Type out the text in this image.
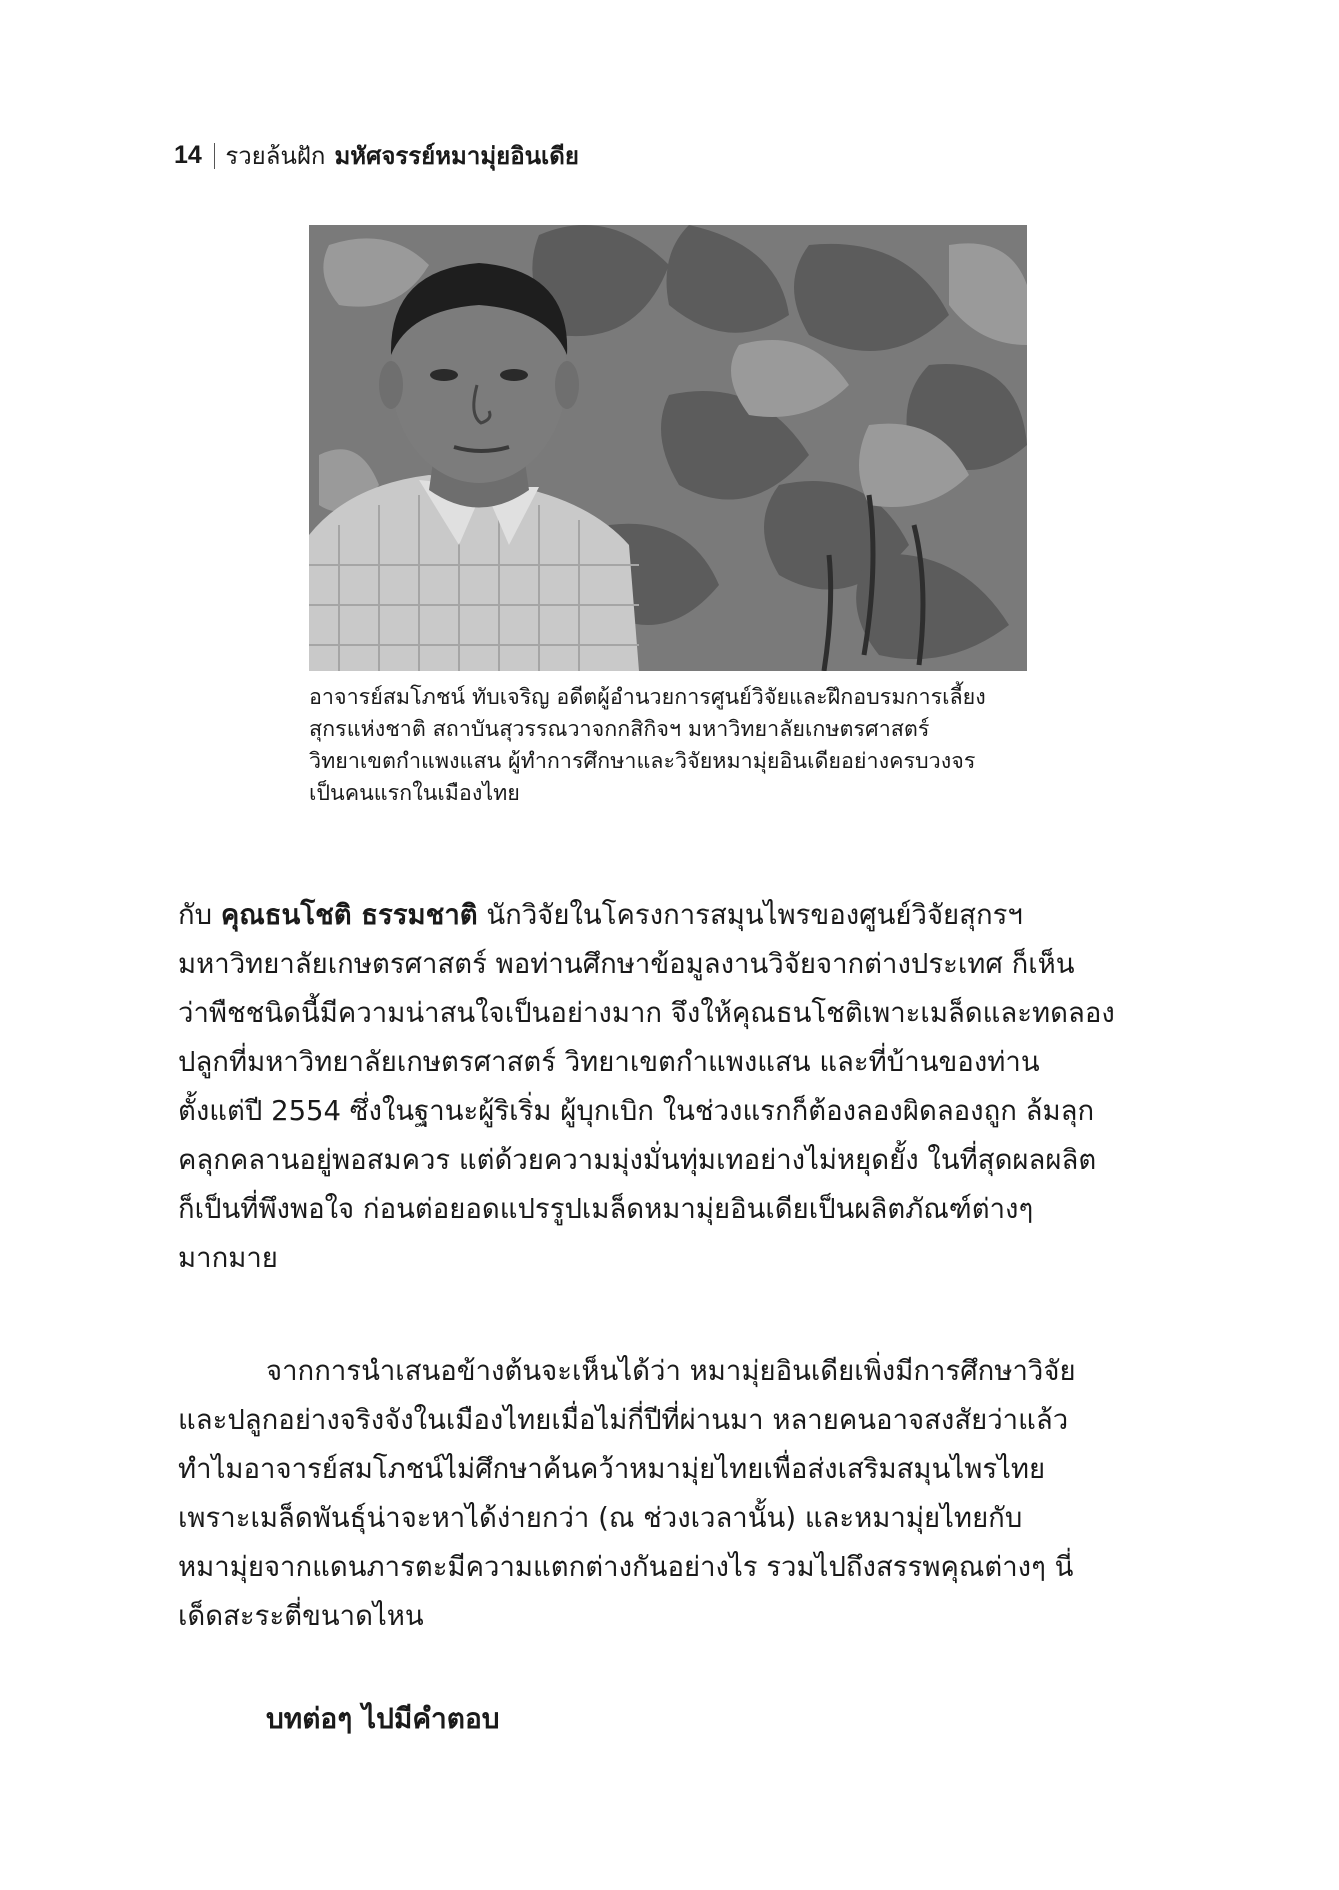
14 รวยล้นฝัก มหัศจรรย์หมามุ่ยอินเดีย
อาจารย์สมโภชน์ ทับเจริญ อดีตผู้อำนวยการศูนย์วิจัยและฝึกอบรมการเลี้ยง
สุกรแห่งชาติ สถาบันสุวรรณวาจกกสิกิจฯ มหาวิทยาลัยเกษตรศาสตร์
วิทยาเขตกำแพงแสน ผู้ทำการศึกษาและวิจัยหมามุ่ยอินเดียอย่างครบวงจร
เป็นคนแรกในเมืองไทย
กับ คุณธนโชติ ธรรมชาติ นักวิจัยในโครงการสมุนไพรของศูนย์วิจัยสุกรฯ
มหาวิทยาลัยเกษตรศาสตร์ พอท่านศึกษาข้อมูลงานวิจัยจากต่างประเทศ ก็เห็น
ว่าพืชชนิดนี้มีความน่าสนใจเป็นอย่างมาก จึงให้คุณธนโชติเพาะเมล็ดและทดลอง
ปลูกที่มหาวิทยาลัยเกษตรศาสตร์ วิทยาเขตกำแพงแสน และที่บ้านของท่าน
ตั้งแต่ปี 2554 ซึ่งในฐานะผู้ริเริ่ม ผู้บุกเบิก ในช่วงแรกก็ต้องลองผิดลองถูก ล้มลุก
คลุกคลานอยู่พอสมควร แต่ด้วยความมุ่งมั่นทุ่มเทอย่างไม่หยุดยั้ง ในที่สุดผลผลิต
ก็เป็นที่พึงพอใจ ก่อนต่อยอดแปรรูปเมล็ดหมามุ่ยอินเดียเป็นผลิตภัณฑ์ต่างๆ
มากมาย
จากการนำเสนอข้างต้นจะเห็นได้ว่า หมามุ่ยอินเดียเพิ่งมีการศึกษาวิจัย
และปลูกอย่างจริงจังในเมืองไทยเมื่อไม่กี่ปีที่ผ่านมา หลายคนอาจสงสัยว่าแล้ว
ทำไมอาจารย์สมโภชน์ไม่ศึกษาค้นคว้าหมามุ่ยไทยเพื่อส่งเสริมสมุนไพรไทย
เพราะเมล็ดพันธุ์น่าจะหาได้ง่ายกว่า (ณ ช่วงเวลานั้น) และหมามุ่ยไทยกับ
หมามุ่ยจากแดนภารตะมีความแตกต่างกันอย่างไร รวมไปถึงสรรพคุณต่างๆ นี่
เด็ดสะระตี่ขนาดไหน
บทต่อๆ ไปมีคำตอบ
